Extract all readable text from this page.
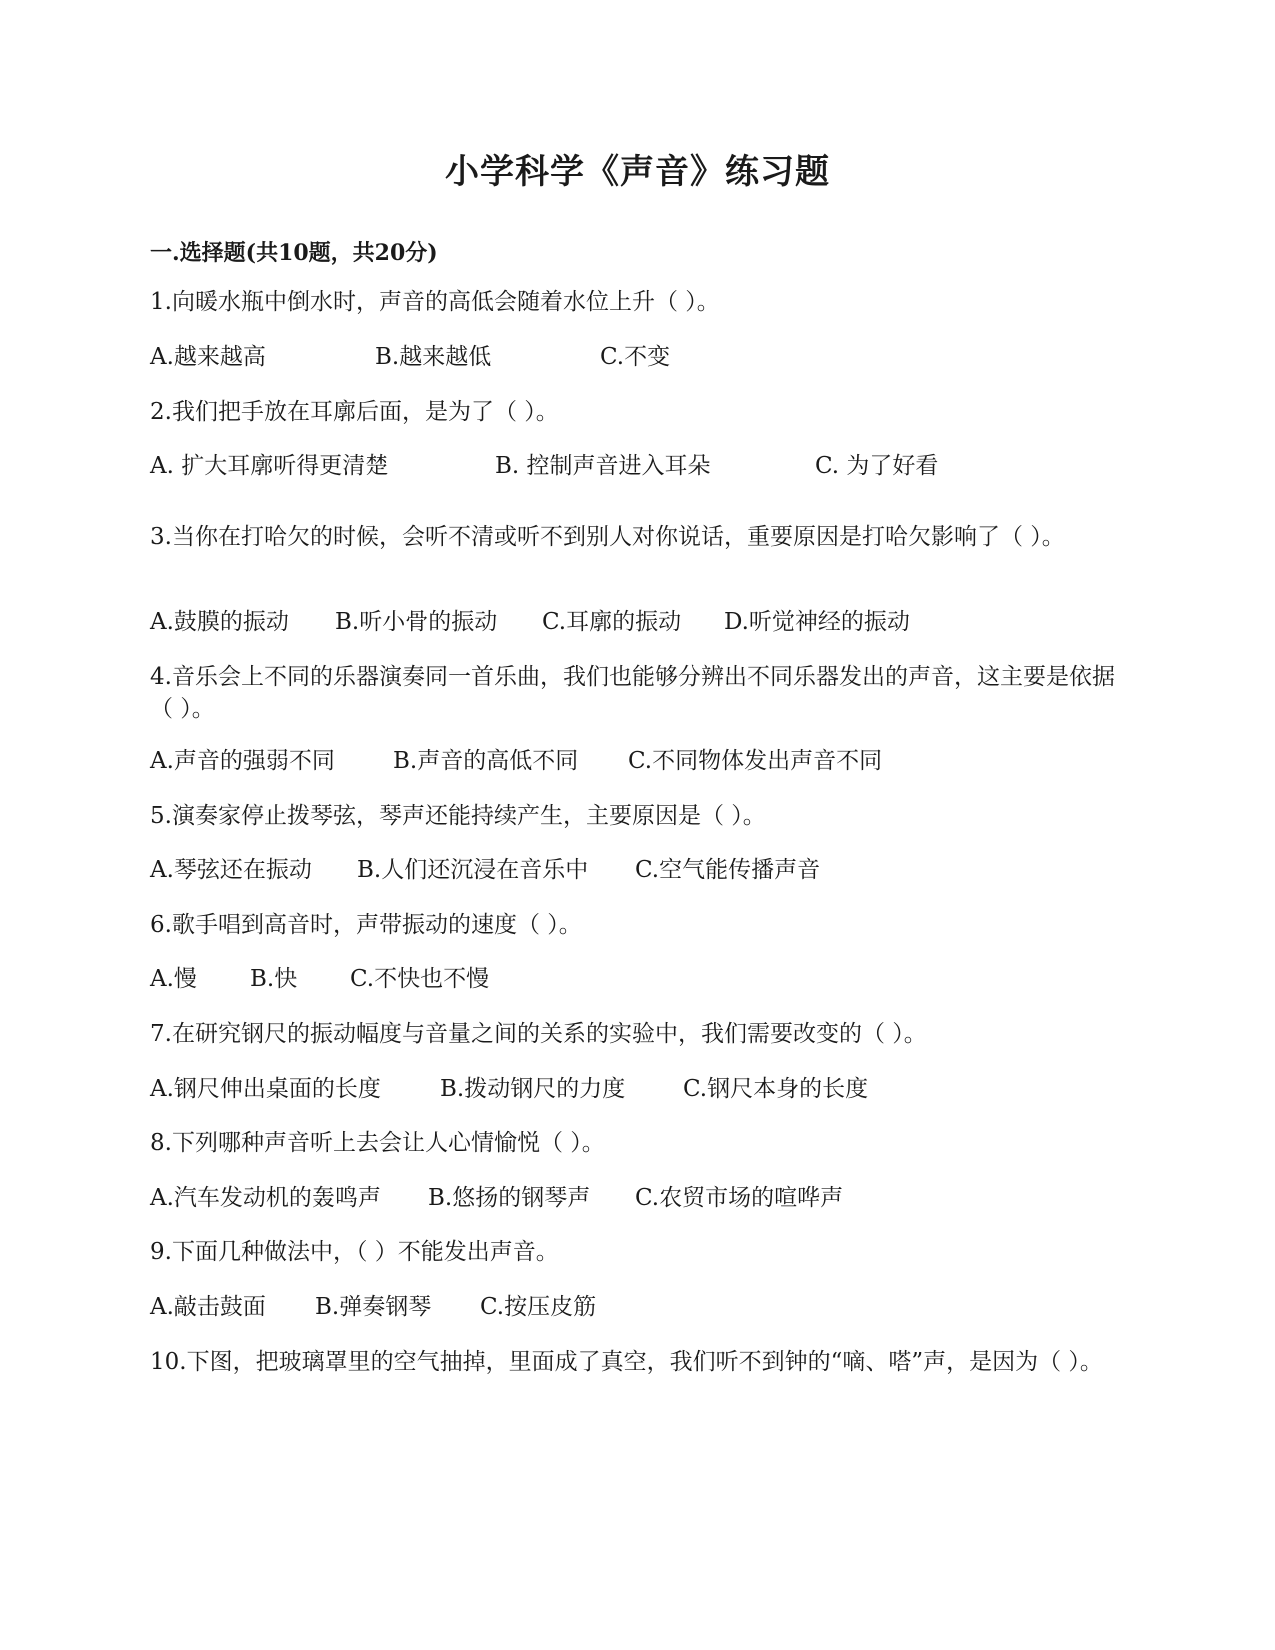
小学科学《声音》练习题
一.选择题(共10题，共20分)
1.向暖水瓶中倒水时，声音的高低会随着水位上升（ ）。
A.越来越高	B.越来越低	C.不变
2.我们把手放在耳廓后面，是为了（ ）。
A. 扩大耳廓听得更清楚	B. 控制声音进入耳朵	C. 为了好看
3.当你在打哈欠的时候，会听不清或听不到别人对你说话，重要原因是打哈欠影响了（ ）。
A.鼓膜的振动 B.听小骨的振动 C.耳廓的振动 D.听觉神经的振动
4.音乐会上不同的乐器演奏同一首乐曲，我们也能够分辨出不同乐器发出的声音，这主要是依据（ ）。
A.声音的强弱不同	B.声音的高低不同 C.不同物体发出声音不同
5.演奏家停止拨琴弦，琴声还能持续产生，主要原因是（ ）。
A.琴弦还在振动 B.人们还沉浸在音乐中 C.空气能传播声音
6.歌手唱到高音时，声带振动的速度（ ）。
A.慢 B.快 C.不快也不慢
7.在研究钢尺的振动幅度与音量之间的关系的实验中，我们需要改变的（ ）。
A.钢尺伸出桌面的长度	B.拨动钢尺的力度	C.钢尺本身的长度
8.下列哪种声音听上去会让人心情愉悦（ ）。
A.汽车发动机的轰鸣声 B.悠扬的钢琴声 C.农贸市场的喧哗声
9.下面几种做法中，（ ）不能发出声音。
A.敲击鼓面 B.弹奏钢琴 C.按压皮筋
10.下图，把玻璃罩里的空气抽掉，里面成了真空，我们听不到钟的“嘀、嗒”声，是因为（ ）。
